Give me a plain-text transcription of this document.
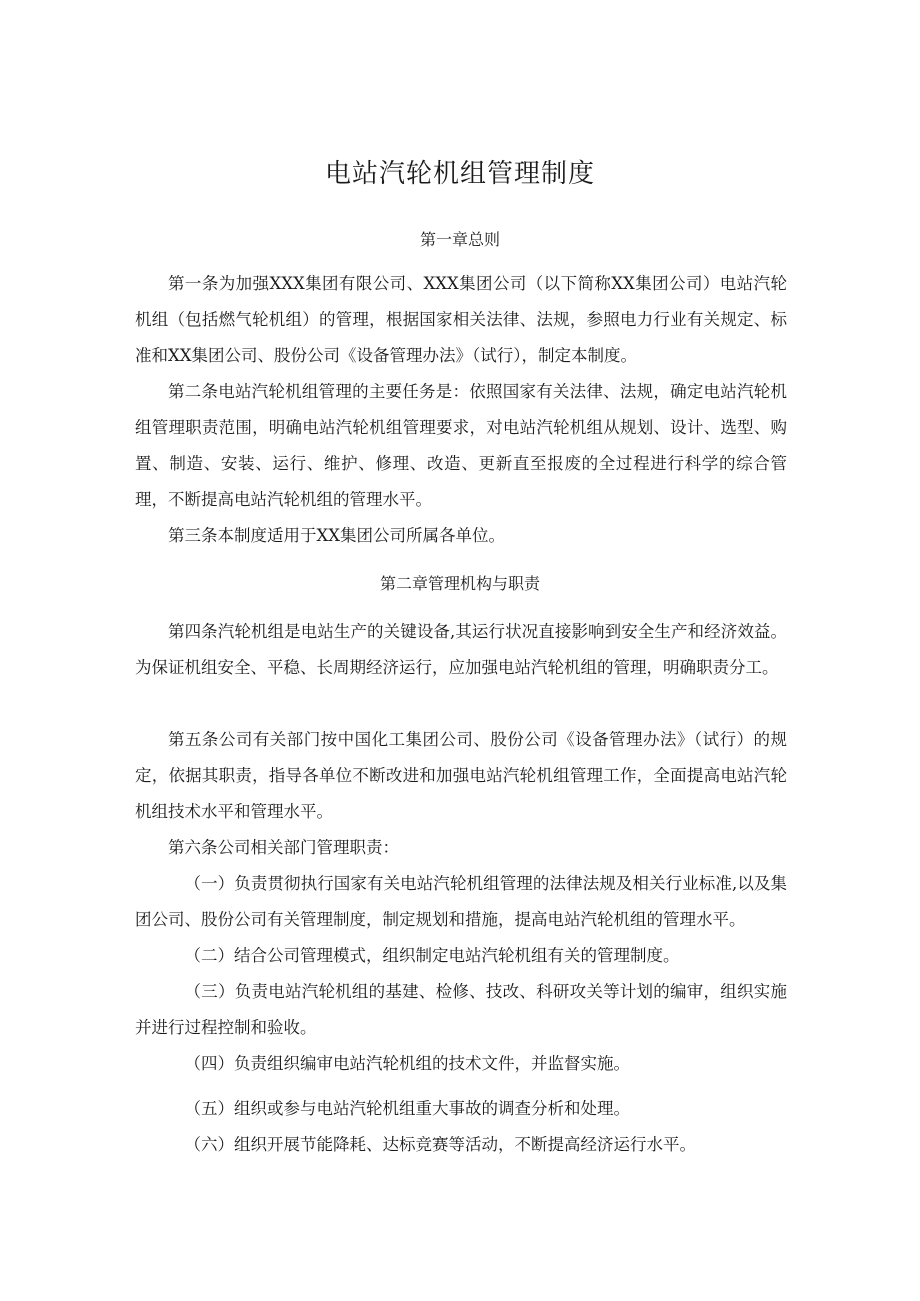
电站汽轮机组管理制度
第一章总则

第一条为加强XXX集团有限公司、XXX集团公司（以下简称XX集团公司）电站汽轮机组（包括燃气轮机组）的管理，根据国家相关法律、法规，参照电力行业有关规定、标准和XX集团公司、股份公司《设备管理办法》（试行），制定本制度。

第二条电站汽轮机组管理的主要任务是：依照国家有关法律、法规，确定电站汽轮机组管理职责范围，明确电站汽轮机组管理要求，对电站汽轮机组从规划、设计、选型、购置、制造、安装、运行、维护、修理、改造、更新直至报废的全过程进行科学的综合管理，不断提高电站汽轮机组的管理水平。

第三条本制度适用于XX集团公司所属各单位。

第二章管理机构与职责

第四条汽轮机组是电站生产的关键设备,其运行状况直接影响到安全生产和经济效益。为保证机组安全、平稳、长周期经济运行，应加强电站汽轮机组的管理，明确职责分工。

第五条公司有关部门按中国化工集团公司、股份公司《设备管理办法》（试行）的规定，依据其职责，指导各单位不断改进和加强电站汽轮机组管理工作，全面提高电站汽轮机组技术水平和管理水平。

第六条公司相关部门管理职责：

（一）负责贯彻执行国家有关电站汽轮机组管理的法律法规及相关行业标准,以及集团公司、股份公司有关管理制度，制定规划和措施，提高电站汽轮机组的管理水平。

（二）结合公司管理模式，组织制定电站汽轮机组有关的管理制度。

（三）负责电站汽轮机组的基建、检修、技改、科研攻关等计划的编审，组织实施并进行过程控制和验收。

（四）负责组织编审电站汽轮机组的技术文件，并监督实施。

（五）组织或参与电站汽轮机组重大事故的调查分析和处理。

（六）组织开展节能降耗、达标竞赛等活动，不断提高经济运行水平。
